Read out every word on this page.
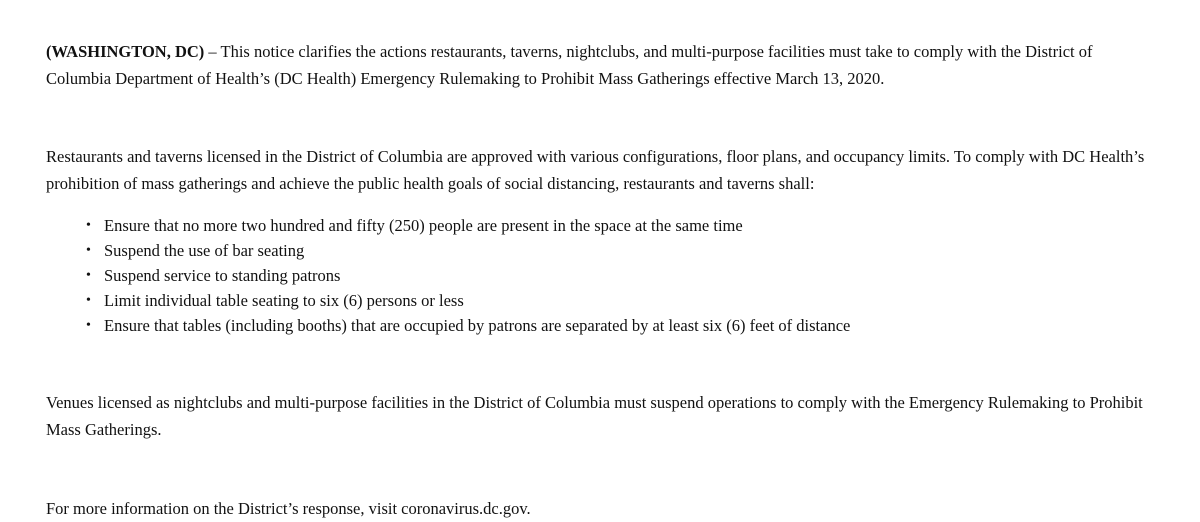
(WASHINGTON, DC) – This notice clarifies the actions restaurants, taverns, nightclubs, and multi-purpose facilities must take to comply with the District of Columbia Department of Health’s (DC Health) Emergency Rulemaking to Prohibit Mass Gatherings effective March 13, 2020.

Restaurants and taverns licensed in the District of Columbia are approved with various configurations, floor plans, and occupancy limits. To comply with DC Health’s prohibition of mass gatherings and achieve the public health goals of social distancing, restaurants and taverns shall:

• Ensure that no more two hundred and fifty (250) people are present in the space at the same time
• Suspend the use of bar seating
• Suspend service to standing patrons
• Limit individual table seating to six (6) persons or less
• Ensure that tables (including booths) that are occupied by patrons are separated by at least six (6) feet of distance

Venues licensed as nightclubs and multi-purpose facilities in the District of Columbia must suspend operations to comply with the Emergency Rulemaking to Prohibit Mass Gatherings.

For more information on the District’s response, visit coronavirus.dc.gov.
